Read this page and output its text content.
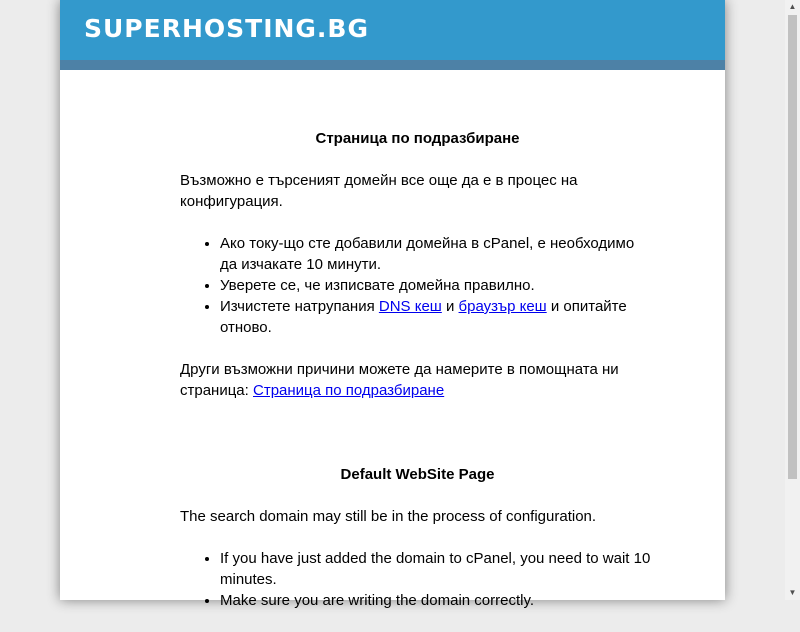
SUPERHOSTING.BG
Страница по подразбиране

Възможно е търсеният домейн все още да е в процес на конфигурация.

• Ако току-що сте добавили домейна в cPanel, е необходимо да изчакате 10 минути.
• Уверете се, че изписвате домейна правилно.
• Изчистете натрупания DNS кеш и браузър кеш и опитайте отново.

Други възможни причини можете да намерите в помощната ни страница: Страница по подразбиране

Default WebSite Page

The search domain may still be in the process of configuration.

• If you have just added the domain to cPanel, you need to wait 10 minutes.
• Make sure you are writing the domain correctly.
▲
▼
